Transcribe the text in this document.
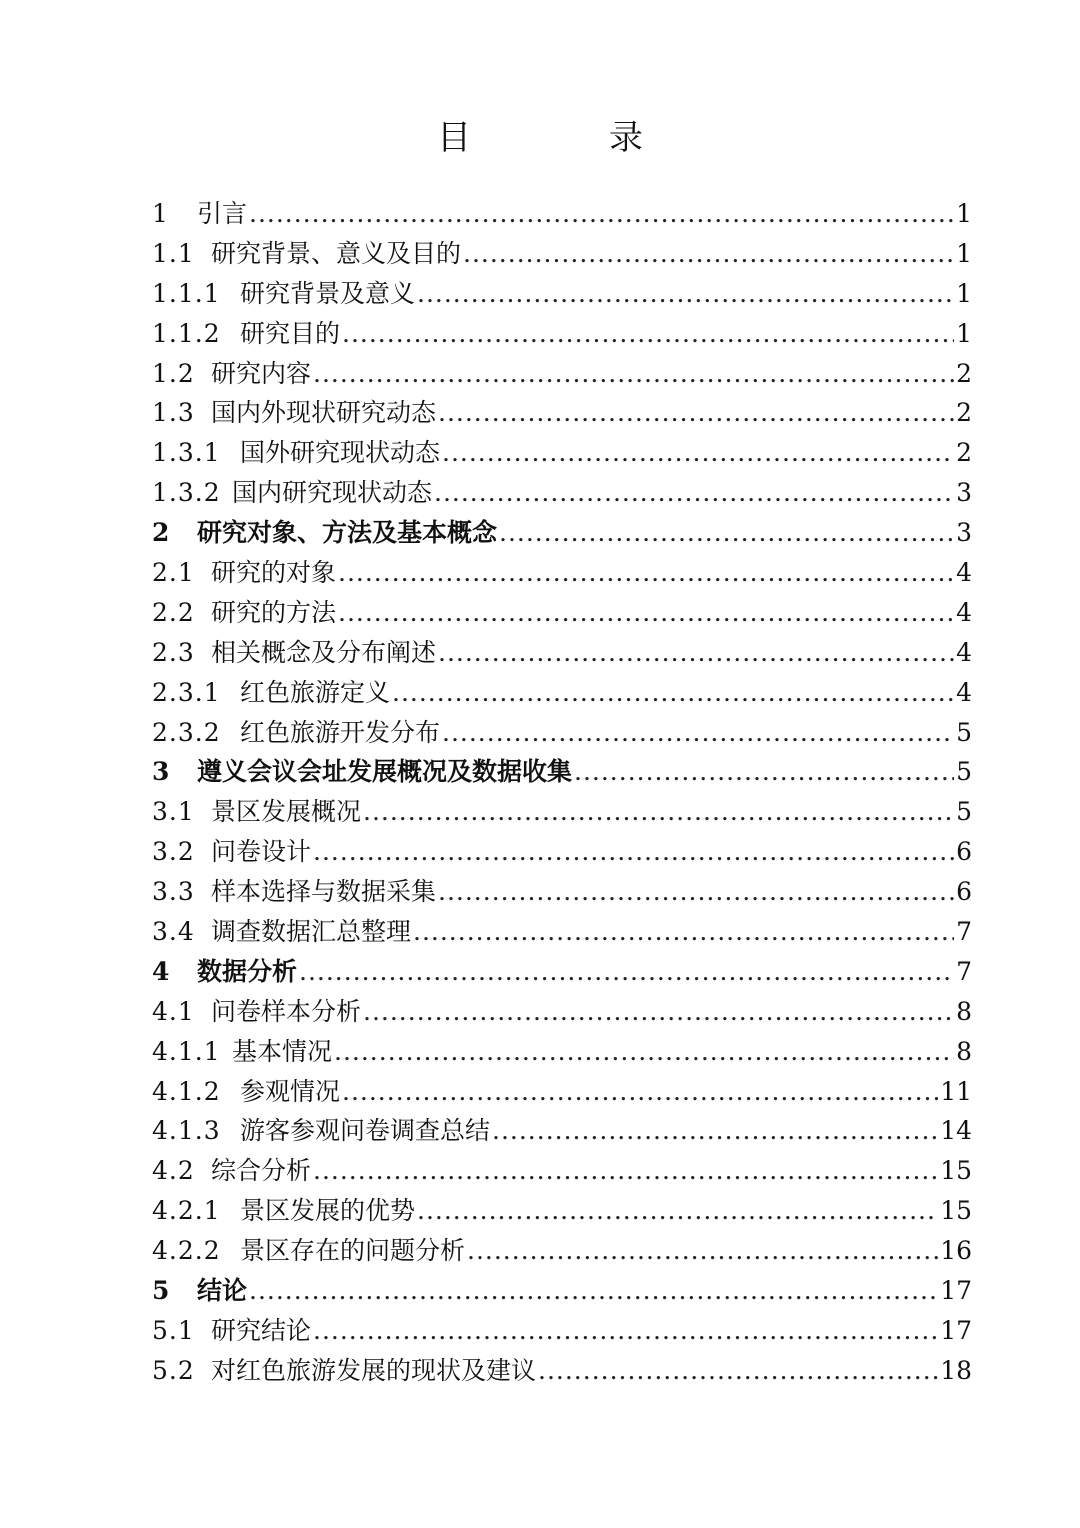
目　录
1	引言 .....	1
1.1 研究背景、意义及目的 .....	1
1.1.1 研究背景及意义 .....	1
1.1.2 研究目的 .....	1
1.2 研究内容 .....	2
1.3 国内外现状研究动态 .....	2
1.3.1 国外研究现状动态 .....	2
1.3.2 国内研究现状动态 .....	3
2	研究对象、方法及基本概念 .....	3
2.1 研究的对象 .....	4
2.2 研究的方法 .....	4
2.3 相关概念及分布阐述 .....	4
2.3.1 红色旅游定义 .....	4
2.3.2 红色旅游开发分布 .....	5
3	遵义会议会址发展概况及数据收集 .....	5
3.1 景区发展概况 .....	5
3.2 问卷设计 .....	6
3.3 样本选择与数据采集 .....	6
3.4 调查数据汇总整理 .....	7
4	数据分析 .....	7
4.1 问卷样本分析 .....	8
4.1.1 基本情况 .....	8
4.1.2 参观情况 .....	11
4.1.3 游客参观问卷调查总结 .....	14
4.2 综合分析 .....	15
4.2.1 景区发展的优势 .....	15
4.2.2 景区存在的问题分析 .....	16
5	结论 .....	17
5.1 研究结论 .....	17
5.2 对红色旅游发展的现状及建议 .....	18
